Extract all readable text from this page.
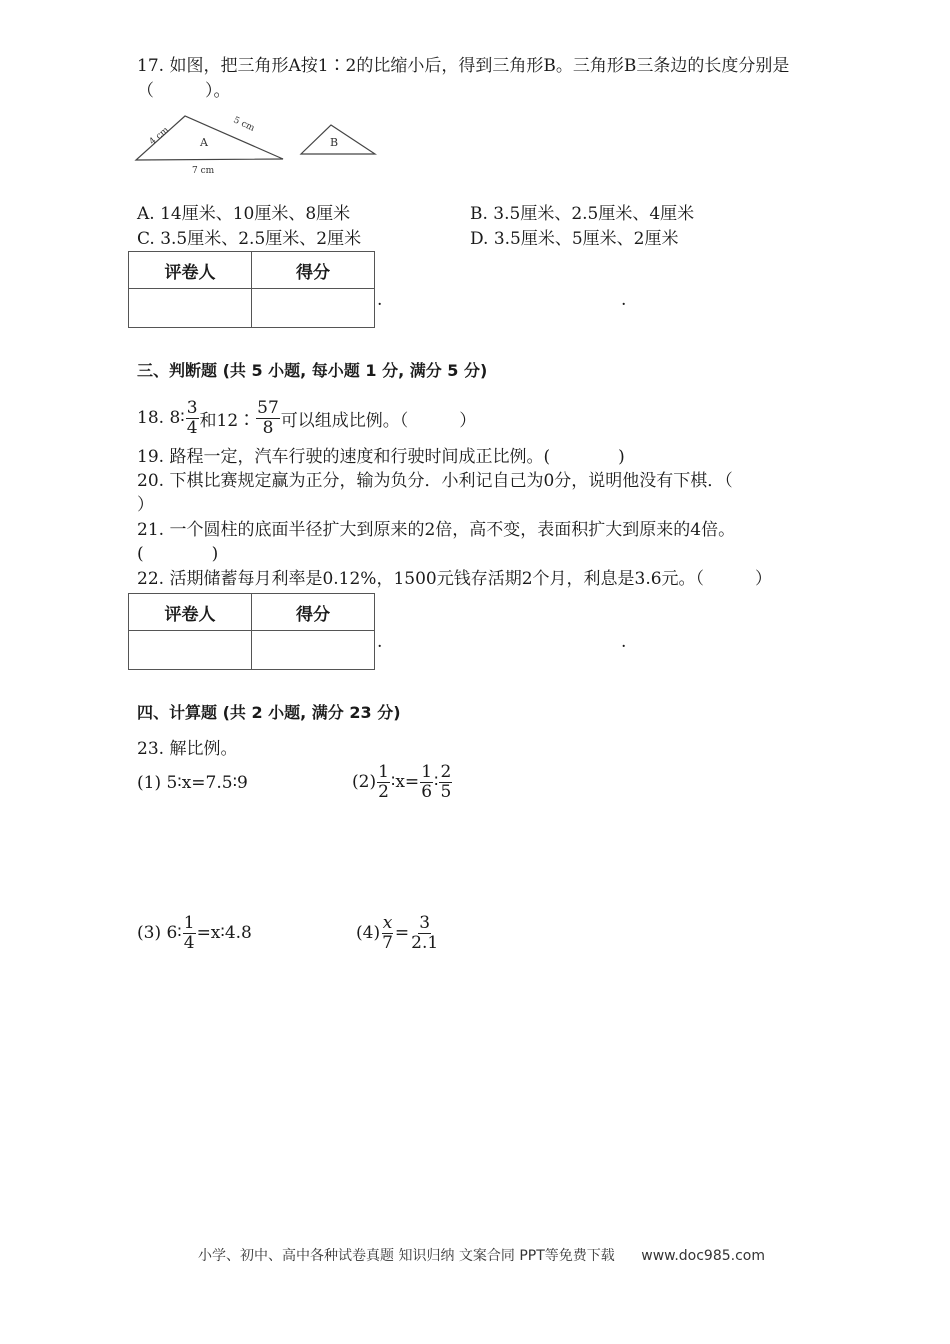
17. 如图，把三角形A按1∶2的比缩小后，得到三角形B。三角形B三条边的长度分别是
（　　　）。
A
4 cm
5 cm
7 cm
B
A. 14厘米、10厘米、8厘米	B. 3.5厘米、2.5厘米、4厘米
C. 3.5厘米、2.5厘米、2厘米	D. 3.5厘米、5厘米、2厘米
评卷人	得分

.	.
三、判断题 (共 5 小题, 每小题 1 分, 满分 5 分)
18. 8∶ $\frac{3}{4}$ 和12∶ $\frac{57}{8}$ 可以组成比例。（　　　）
19. 路程一定，汽车行驶的速度和行驶时间成正比例。(　　　　)
20. 下棋比赛规定赢为正分，输为负分．小利记自己为0分，说明他没有下棋．（
）
21. 一个圆柱的底面半径扩大到原来的2倍，高不变，表面积扩大到原来的4倍。
(　　　　)
22. 活期储蓄每月利率是0.12%，1500元钱存活期2个月，利息是3.6元。（　　　）
评卷人	得分

.	.
四、计算题 (共 2 小题, 满分 23 分)
23. 解比例。
(1) 5∶x=7.5∶9	$(2) \frac{1}{2}$ ∶x= $\frac{1}{6}$ ∶ $\frac{2}{5}$
(3) 6∶ $\frac{1}{4}$ =x∶4.8	$(4) \frac{x}{7} = \frac{3}{2.1}$
小学、初中、高中各种试卷真题 知识归纳 文案合同 PPT等免费下载 www.doc985.com
